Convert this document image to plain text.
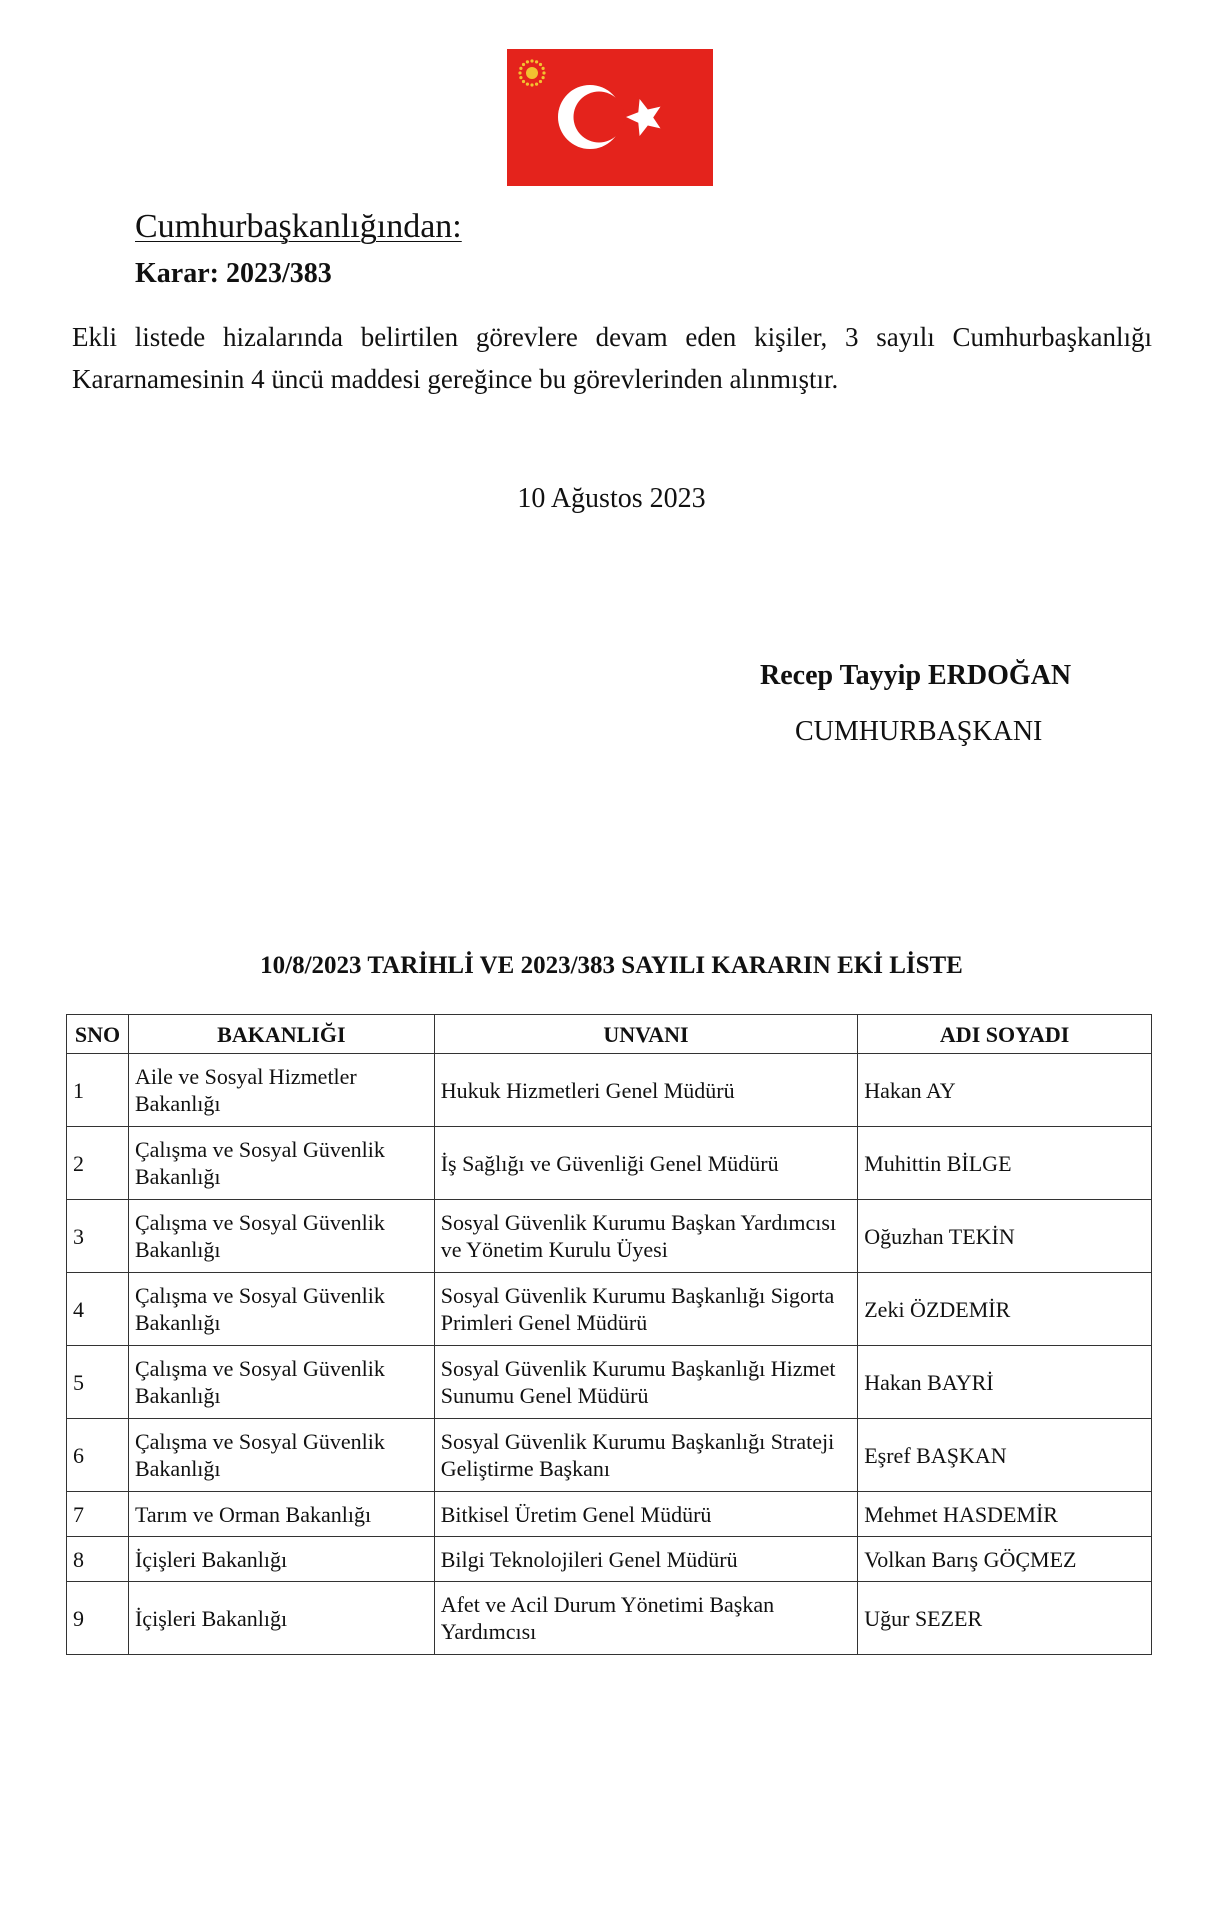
Cumhurbaşkanlığından:
Karar: 2023/383
Ekli listede hizalarında belirtilen görevlere devam eden kişiler, 3 sayılı Cumhurbaşkanlığı Kararnamesinin 4 üncü maddesi gereğince bu görevlerinden alınmıştır.
10 Ağustos 2023
Recep Tayyip ERDOĞAN
CUMHURBAŞKANI
10/8/2023 TARİHLİ VE 2023/383 SAYILI KARARIN EKİ LİSTE
SNO	BAKANLIĞI	UNVANI	ADI SOYADI
1	Aile ve Sosyal Hizmetler Bakanlığı	Hukuk Hizmetleri Genel Müdürü	Hakan AY
2	Çalışma ve Sosyal Güvenlik Bakanlığı	İş Sağlığı ve Güvenliği Genel Müdürü	Muhittin BİLGE
3	Çalışma ve Sosyal Güvenlik Bakanlığı	Sosyal Güvenlik Kurumu Başkan Yardımcısı ve Yönetim Kurulu Üyesi	Oğuzhan TEKİN
4	Çalışma ve Sosyal Güvenlik Bakanlığı	Sosyal Güvenlik Kurumu Başkanlığı Sigorta Primleri Genel Müdürü	Zeki ÖZDEMİR
5	Çalışma ve Sosyal Güvenlik Bakanlığı	Sosyal Güvenlik Kurumu Başkanlığı Hizmet Sunumu Genel Müdürü	Hakan BAYRİ
6	Çalışma ve Sosyal Güvenlik Bakanlığı	Sosyal Güvenlik Kurumu Başkanlığı Strateji Geliştirme Başkanı	Eşref BAŞKAN
7	Tarım ve Orman Bakanlığı	Bitkisel Üretim Genel Müdürü	Mehmet HASDEMİR
8	İçişleri Bakanlığı	Bilgi Teknolojileri Genel Müdürü	Volkan Barış GÖÇMEZ
9	İçişleri Bakanlığı	Afet ve Acil Durum Yönetimi Başkan Yardımcısı	Uğur SEZER
